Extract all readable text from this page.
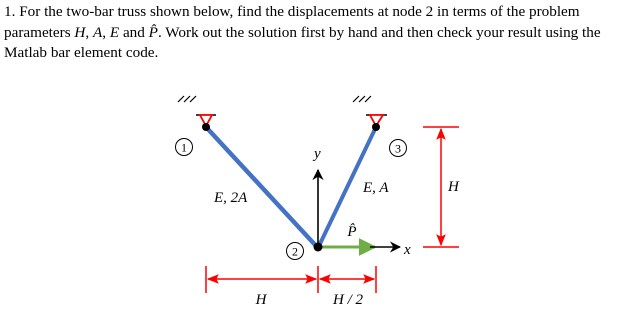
1. For the two-bar truss shown below, find the displacements at node 2 in terms of the problem parameters H, A, E and P̂. Work out the solution first by hand and then check your result using the Matlab bar element code.

y
P̂
x
1
2
3
E, 2A
E, A	H
H	H / 2
